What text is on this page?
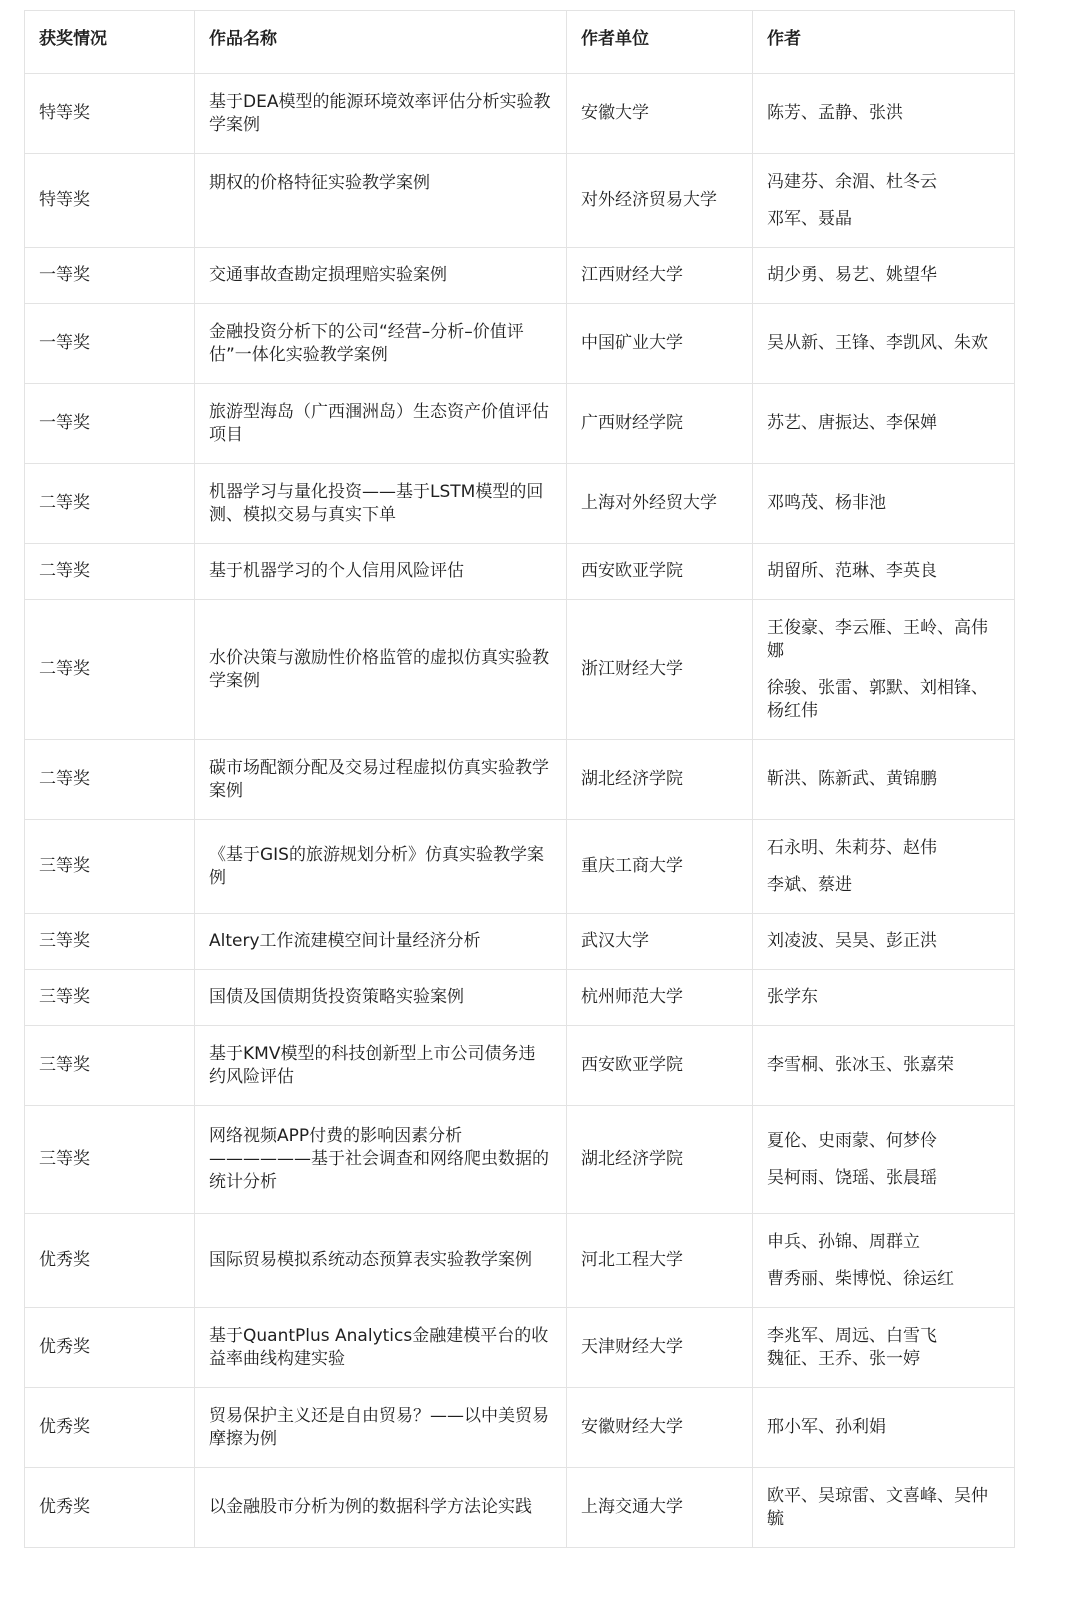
获奖情况	作品名称	作者单位	作者
特等奖	基于DEA模型的能源环境效率评估分析实验教学案例	安徽大学	陈芳、孟静、张洪

特等奖	期权的价格特征实验教学案例	对外经济贸易大学	冯建芬、余湄、杜冬云
邓军、聂晶

一等奖	交通事故查勘定损理赔实验案例	江西财经大学	胡少勇、易艺、姚望华

一等奖	金融投资分析下的公司“经营–分析–价值评估”一体化实验教学案例	中国矿业大学	吴从新、王锋、李凯风、朱欢

一等奖	旅游型海岛（广西涠洲岛）生态资产价值评估项目	广西财经学院	苏艺、唐振达、李保婵

二等奖	机器学习与量化投资——基于LSTM模型的回测、模拟交易与真实下单	上海对外经贸大学	邓鸣茂、杨非池

二等奖	基于机器学习的个人信用风险评估	西安欧亚学院	胡留所、范琳、李英良

二等奖	水价决策与激励性价格监管的虚拟仿真实验教学案例	浙江财经大学	王俊豪、李云雁、王岭、高伟娜
徐骏、张雷、郭默、刘相锋、杨红伟

二等奖	碳市场配额分配及交易过程虚拟仿真实验教学案例	湖北经济学院	靳洪、陈新武、黄锦鹏

三等奖	《基于GIS的旅游规划分析》仿真实验教学案例	重庆工商大学	石永明、朱莉芬、赵伟
李斌、蔡进

三等奖	Altery工作流建模空间计量经济分析	武汉大学	刘凌波、吴昊、彭正洪

三等奖	国债及国债期货投资策略实验案例	杭州师范大学	张学东

三等奖	基于KMV模型的科技创新型上市公司债务违约风险评估	西安欧亚学院	李雪桐、张冰玉、张嘉荣

三等奖	网络视频APP付费的影响因素分析 ——————基于社会调查和网络爬虫数据的统计分析	湖北经济学院	夏伦、史雨蒙、何梦伶
吴柯雨、饶瑶、张晨瑶

优秀奖	国际贸易模拟系统动态预算表实验教学案例	河北工程大学	申兵、孙锦、周群立
曹秀丽、柴博悦、徐运红

优秀奖	基于QuantPlus Analytics金融建模平台的收益率曲线构建实验	天津财经大学	李兆军、周远、白雪飞
魏征、王乔、张一婷

优秀奖	贸易保护主义还是自由贸易？——以中美贸易摩擦为例	安徽财经大学	邢小军、孙利娟

优秀奖	以金融股市分析为例的数据科学方法论实践	上海交通大学	欧平、吴琼雷、文喜峰、吴仲毓
